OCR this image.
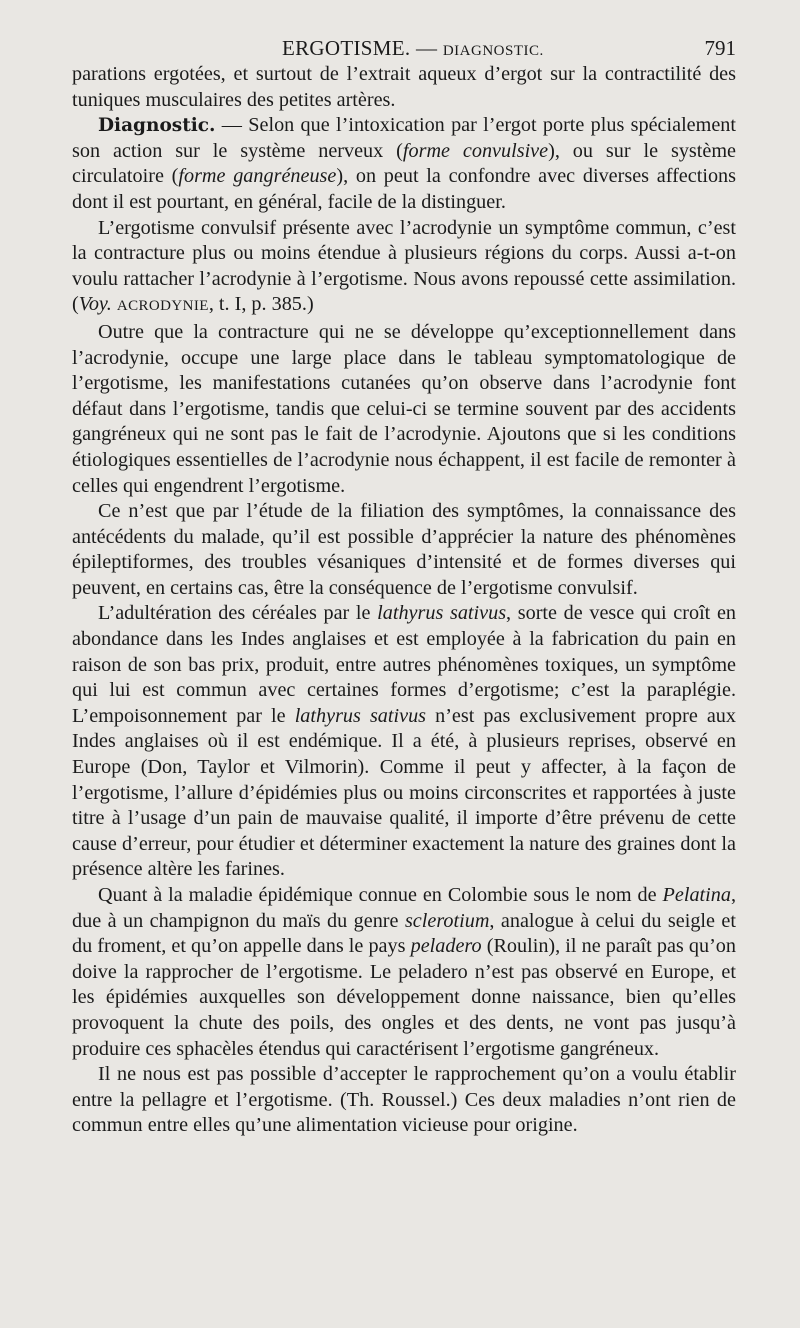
ERGOTISME. — DIAGNOSTIC.	791

parations ergotées, et surtout de l’extrait aqueux d’ergot sur la contractilité des tuniques musculaires des petites artères.

Diagnostic. — Selon que l’intoxication par l’ergot porte plus spécialement son action sur le système nerveux (forme convulsive), ou sur le système circulatoire (forme gangréneuse), on peut la confondre avec diverses affections dont il est pourtant, en général, facile de la distinguer.

L’ergotisme convulsif présente avec l’acrodynie un symptôme commun, c’est la contracture plus ou moins étendue à plusieurs régions du corps. Aussi a-t-on voulu rattacher l’acrodynie à l’ergotisme. Nous avons repoussé cette assimilation. (Voy. ACRODYNIE, t. I, p. 385.)

Outre que la contracture qui ne se développe qu’exceptionnellement dans l’acrodynie, occupe une large place dans le tableau symptomatologique de l’ergotisme, les manifestations cutanées qu’on observe dans l’acrodynie font défaut dans l’ergotisme, tandis que celui-ci se termine souvent par des accidents gangréneux qui ne sont pas le fait de l’acrodynie. Ajoutons que si les conditions étiologiques essentielles de l’acrodynie nous échappent, il est facile de remonter à celles qui engendrent l’ergotisme.

Ce n’est que par l’étude de la filiation des symptômes, la connaissance des antécédents du malade, qu’il est possible d’apprécier la nature des phénomènes épileptiformes, des troubles vésaniques d’intensité et de formes diverses qui peuvent, en certains cas, être la conséquence de l’ergotisme convulsif.

L’adultération des céréales par le lathyrus sativus, sorte de vesce qui croît en abondance dans les Indes anglaises et est employée à la fabrication du pain en raison de son bas prix, produit, entre autres phénomènes toxiques, un symptôme qui lui est commun avec certaines formes d’ergotisme; c’est la paraplégie. L’empoisonnement par le lathyrus sativus n’est pas exclusivement propre aux Indes anglaises où il est endémique. Il a été, à plusieurs reprises, observé en Europe (Don, Taylor et Vilmorin). Comme il peut y affecter, à la façon de l’ergotisme, l’allure d’épidémies plus ou moins circonscrites et rapportées à juste titre à l’usage d’un pain de mauvaise qualité, il importe d’être prévenu de cette cause d’erreur, pour étudier et déterminer exactement la nature des graines dont la présence altère les farines.

Quant à la maladie épidémique connue en Colombie sous le nom de Pelatina, due à un champignon du maïs du genre sclerotium, analogue à celui du seigle et du froment, et qu’on appelle dans le pays peladero (Roulin), il ne paraît pas qu’on doive la rapprocher de l’ergotisme. Le peladero n’est pas observé en Europe, et les épidémies auxquelles son développement donne naissance, bien qu’elles provoquent la chute des poils, des ongles et des dents, ne vont pas jusqu’à produire ces sphacèles étendus qui caractérisent l’ergotisme gangréneux.

Il ne nous est pas possible d’accepter le rapprochement qu’on a voulu établir entre la pellagre et l’ergotisme. (Th. Roussel.) Ces deux maladies n’ont rien de commun entre elles qu’une alimentation vicieuse pour origine.
